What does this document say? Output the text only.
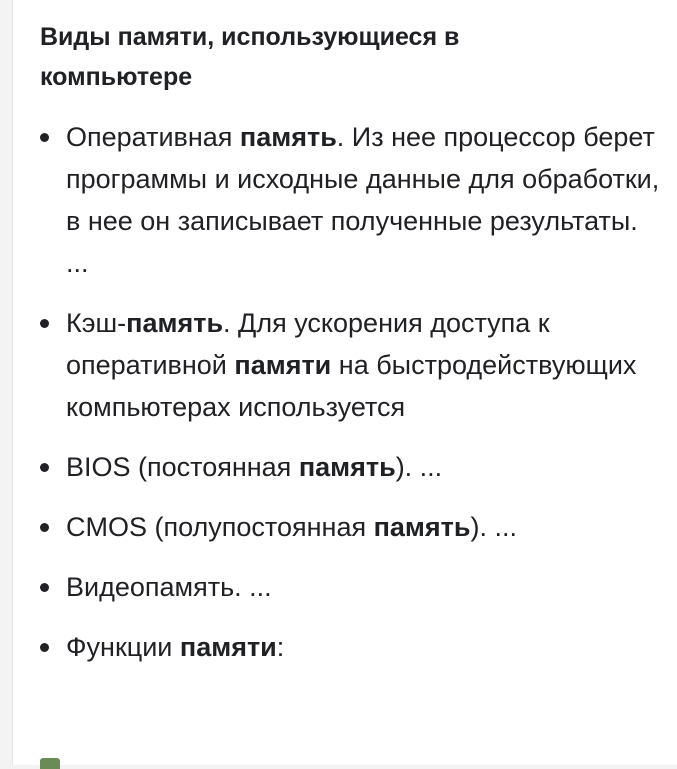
Виды памяти, использующиеся в компьютере
Оперативная память. Из нее процессор берет программы и исходные данные для обработки, в нее он записывает полученные результаты. ...
Кэш-память. Для ускорения доступа к оперативной памяти на быстродействующих компьютерах используется
BIOS (постоянная память). ...
CMOS (полупостоянная память). ...
Видеопамять. ...
Функции памяти:
